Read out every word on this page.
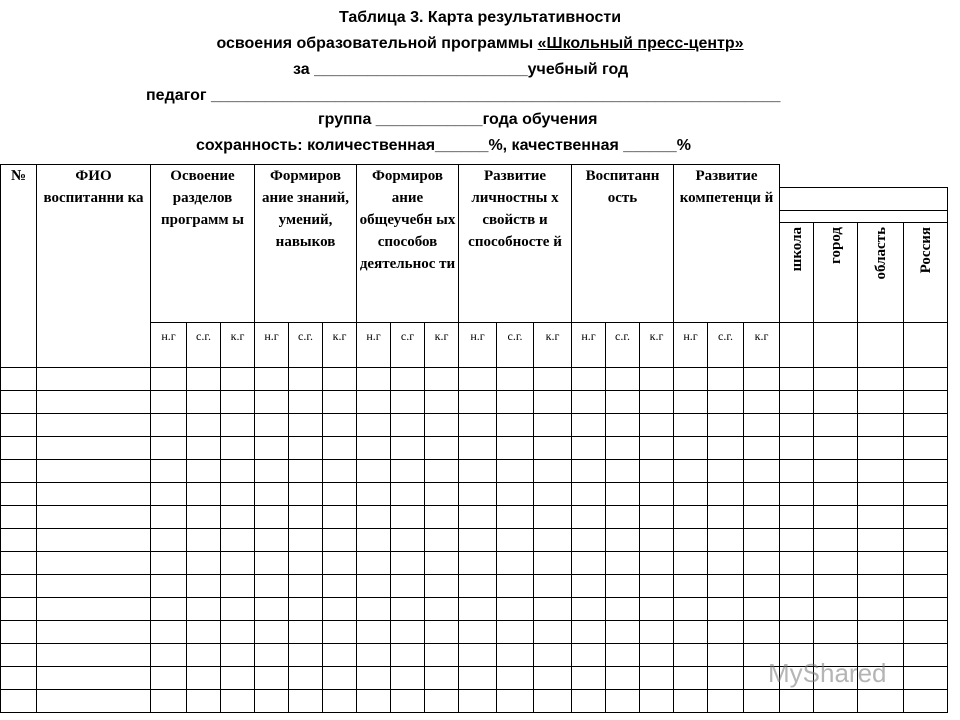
Таблица 3. Карта результативности
освоения образовательной программы «Школьный пресс-центр»
за ________________________учебный год
педагог ________________________________________________________________
группа ____________года обучения
сохранность: количественная______%, качественная ______%
№	ФИО воспитанни ка	Освоение разделов программ ы			Формиров ание знаний, умений, навыков			Формиров ание общеучебн ых способов деятельнос ти			Развитие личностны х свойств и способносте й			Воспитанн ость			Развитие компетенци й						

																				школа	город	область	Россия
		н.г	с.г.	к.г	н.г	с.г.	к.г	н.г	с.г	к.г	н.г	с.г.	к.г	н.г	с.г.	к.г	н.г	с.г.	к.г				

MyShared
